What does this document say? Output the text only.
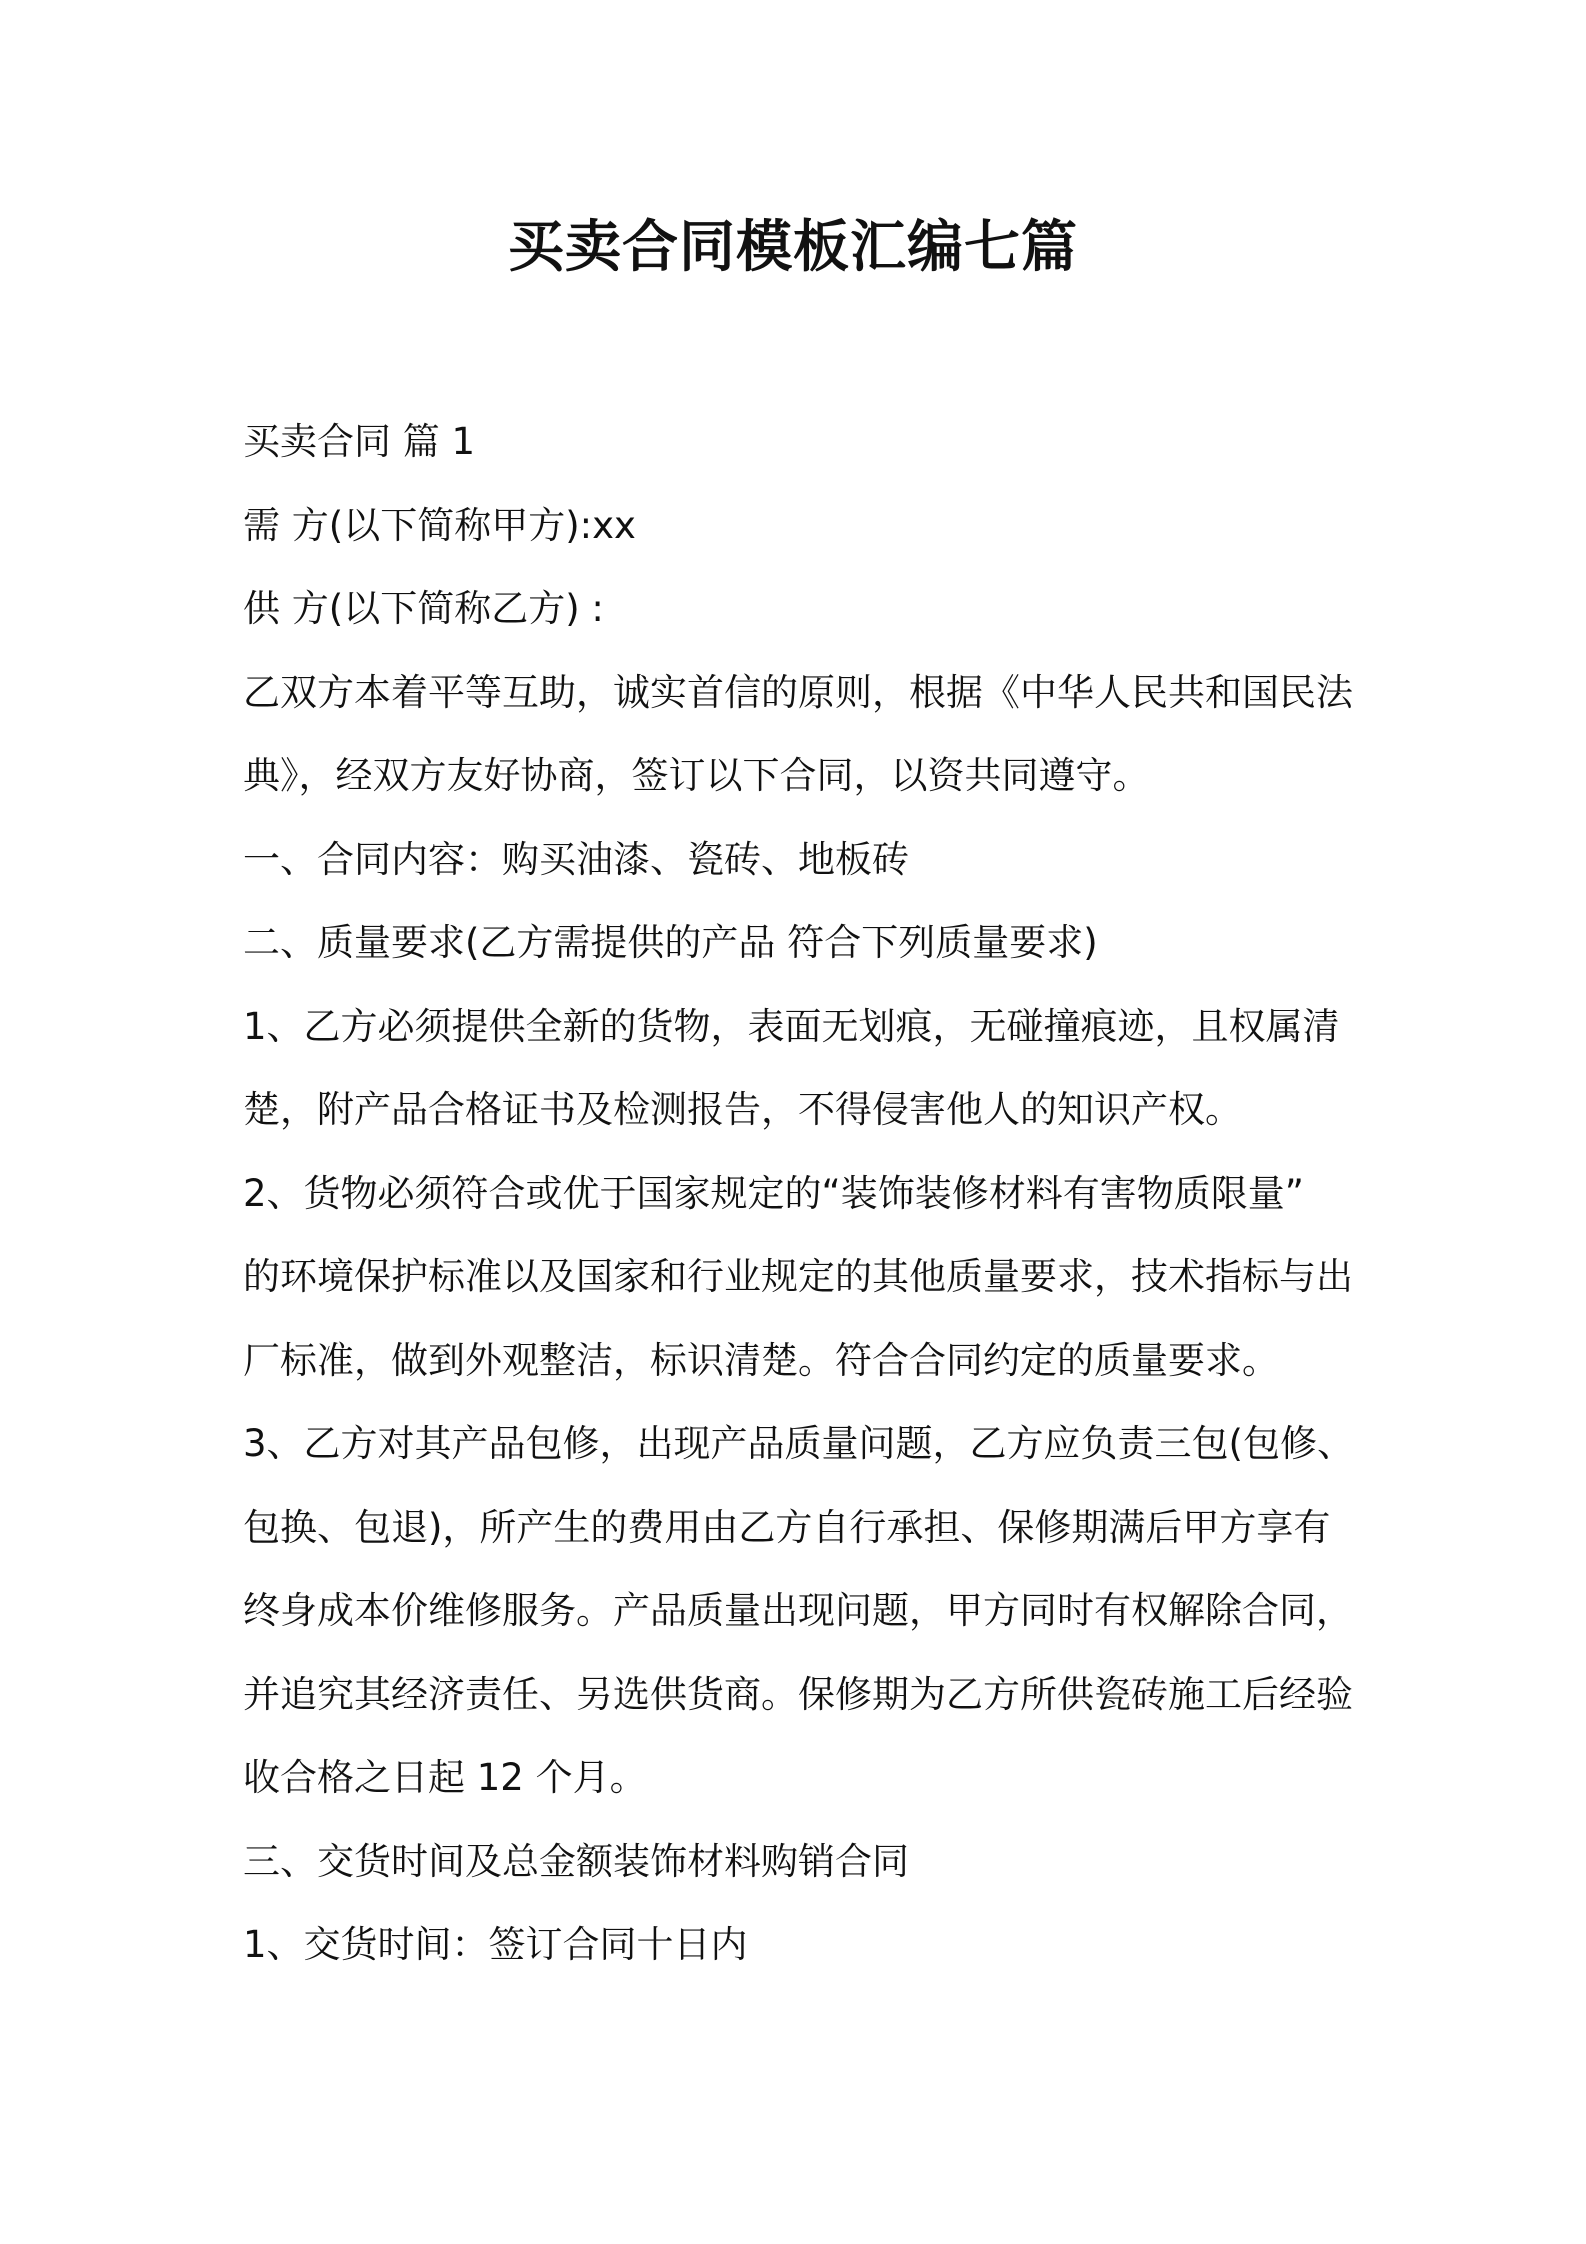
买卖合同模板汇编七篇
买卖合同 篇 1
需 方(以下简称甲方):xx
供 方(以下简称乙方) :
乙双方本着平等互助，诚实首信的原则，根据《中华人民共和国民法
典》，经双方友好协商，签订以下合同，以资共同遵守。
一、合同内容：购买油漆、瓷砖、地板砖
二、质量要求(乙方需提供的产品 符合下列质量要求)
1、乙方必须提供全新的货物，表面无划痕，无碰撞痕迹，且权属清
楚，附产品合格证书及检测报告，不得侵害他人的知识产权。
2、货物必须符合或优于国家规定的“装饰装修材料有害物质限量”
的环境保护标准以及国家和行业规定的其他质量要求，技术指标与出
厂标准，做到外观整洁，标识清楚。符合合同约定的质量要求。
3、乙方对其产品包修，出现产品质量问题，乙方应负责三包(包修、
包换、包退)，所产生的费用由乙方自行承担、保修期满后甲方享有
终身成本价维修服务。产品质量出现问题，甲方同时有权解除合同，
并追究其经济责任、另选供货商。保修期为乙方所供瓷砖施工后经验
收合格之日起 12 个月。
三、交货时间及总金额装饰材料购销合同
1、交货时间：签订合同十日内
